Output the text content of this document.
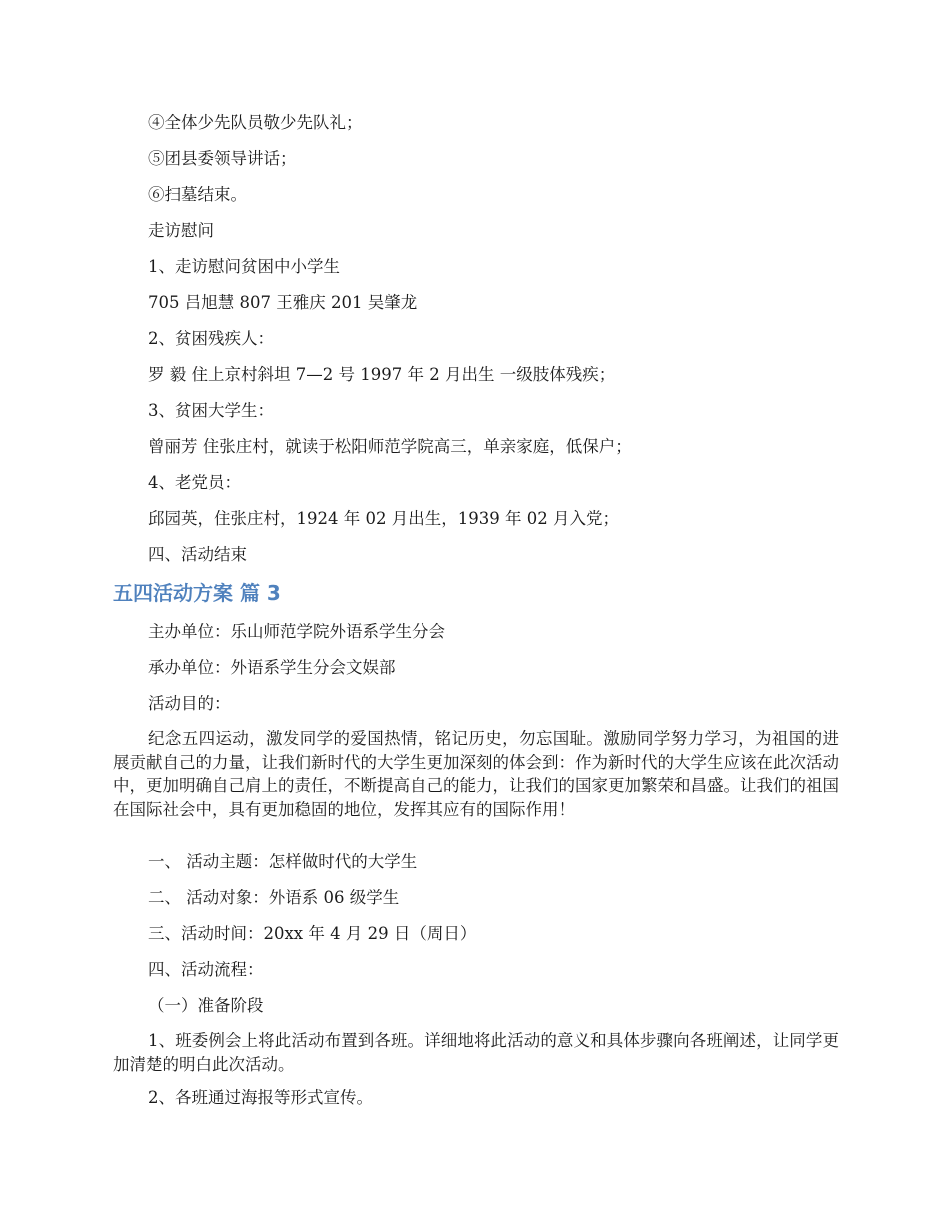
④全体少先队员敬少先队礼；
⑤团县委领导讲话；
⑥扫墓结束。
走访慰问
1、走访慰问贫困中小学生
705 吕旭慧 807 王雅庆 201 吴肇龙
2、贫困残疾人：
罗 毅 住上京村斜坦 7—2 号 1997 年 2 月出生 一级肢体残疾；
3、贫困大学生：
曾丽芳 住张庄村，就读于松阳师范学院高三，单亲家庭，低保户；
4、老党员：
邱园英，住张庄村，1924 年 02 月出生，1939 年 02 月入党；
四、活动结束
五四活动方案 篇 3
主办单位：乐山师范学院外语系学生分会
承办单位：外语系学生分会文娱部
活动目的：
纪念五四运动，激发同学的爱国热情，铭记历史，勿忘国耻。激励同学努力学习，为祖国的进展贡献自己的力量，让我们新时代的大学生更加深刻的体会到：作为新时代的大学生应该在此次活动中，更加明确自己肩上的责任，不断提高自己的能力，让我们的国家更加繁荣和昌盛。让我们的祖国在国际社会中，具有更加稳固的地位，发挥其应有的国际作用！
一、 活动主题：怎样做时代的大学生
二、 活动对象：外语系 06 级学生
三、活动时间：20xx 年 4 月 29 日（周日）
四、活动流程：
（一）准备阶段
1、班委例会上将此活动布置到各班。详细地将此活动的意义和具体步骤向各班阐述，让同学更加清楚的明白此次活动。
2、各班通过海报等形式宣传。
